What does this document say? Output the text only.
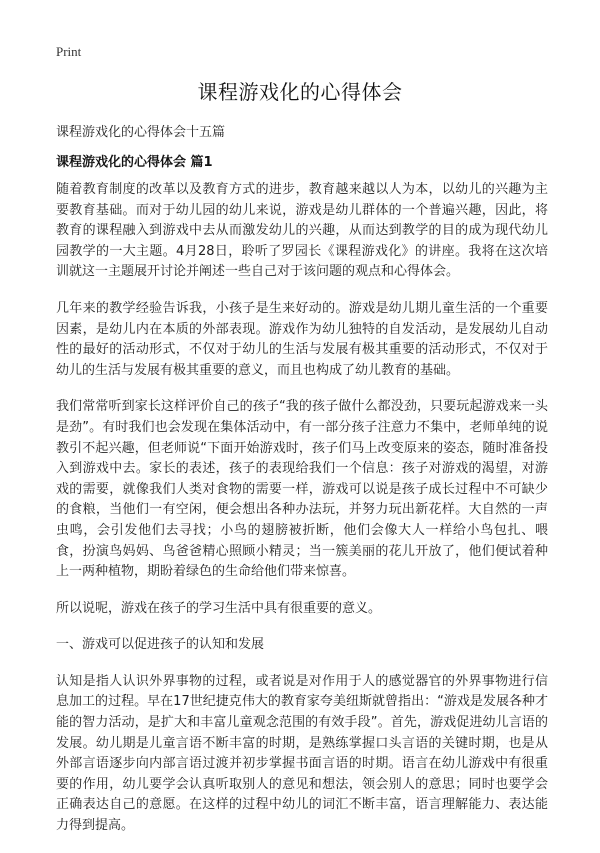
Print
课程游戏化的心得体会
课程游戏化的心得体会十五篇
课程游戏化的心得体会 篇1

随着教育制度的改革以及教育方式的进步，教育越来越以人为本，以幼儿的兴趣为主要教育基础。而对于幼儿园的幼儿来说，游戏是幼儿群体的一个普遍兴趣，因此，将教育的课程融入到游戏中去从而激发幼儿的兴趣，从而达到教学的目的成为现代幼儿园教学的一大主题。4月28日，聆听了罗园长《课程游戏化》的讲座。我将在这次培训就这一主题展开讨论并阐述一些自己对于该问题的观点和心得体会。

几年来的教学经验告诉我，小孩子是生来好动的。游戏是幼儿期儿童生活的一个重要因素，是幼儿内在本质的外部表现。游戏作为幼儿独特的自发活动，是发展幼儿自动性的最好的活动形式，不仅对于幼儿的生活与发展有极其重要的活动形式，不仅对于幼儿的生活与发展有极其重要的意义，而且也构成了幼儿教育的基础。

我们常常听到家长这样评价自己的孩子“我的孩子做什么都没劲，只要玩起游戏来一头是劲”。有时我们也会发现在集体活动中，有一部分孩子注意力不集中，老师单纯的说教引不起兴趣，但老师说“下面开始游戏时，孩子们马上改变原来的姿态，随时准备投入到游戏中去。家长的表述，孩子的表现给我们一个信息：孩子对游戏的渴望，对游戏的需要，就像我们人类对食物的需要一样，游戏可以说是孩子成长过程中不可缺少的食粮，当他们一有空闲，便会想出各种办法玩，并努力玩出新花样。大自然的一声虫鸣，会引发他们去寻找；小鸟的翅膀被折断，他们会像大人一样给小鸟包扎、喂食，扮演鸟妈妈、鸟爸爸精心照顾小精灵；当一簇美丽的花儿开放了，他们便试着种上一两种植物，期盼着绿色的生命给他们带来惊喜。

所以说呢，游戏在孩子的学习生活中具有很重要的意义。

一、游戏可以促进孩子的认知和发展

认知是指人认识外界事物的过程，或者说是对作用于人的感觉器官的外界事物进行信息加工的过程。早在17世纪捷克伟大的教育家夸美纽斯就曾指出：“游戏是发展各种才能的智力活动，是扩大和丰富儿童观念范围的有效手段”。首先，游戏促进幼儿言语的发展。幼儿期是儿童言语不断丰富的时期，是熟练掌握口头言语的关键时期，也是从外部言语逐步向内部言语过渡并初步掌握书面言语的时期。语言在幼儿游戏中有很重要的作用，幼儿要学会认真听取别人的意见和想法，领会别人的意思；同时也要学会正确表达自己的意愿。在这样的过程中幼儿的词汇不断丰富，语言理解能力、表达能力得到提高。
